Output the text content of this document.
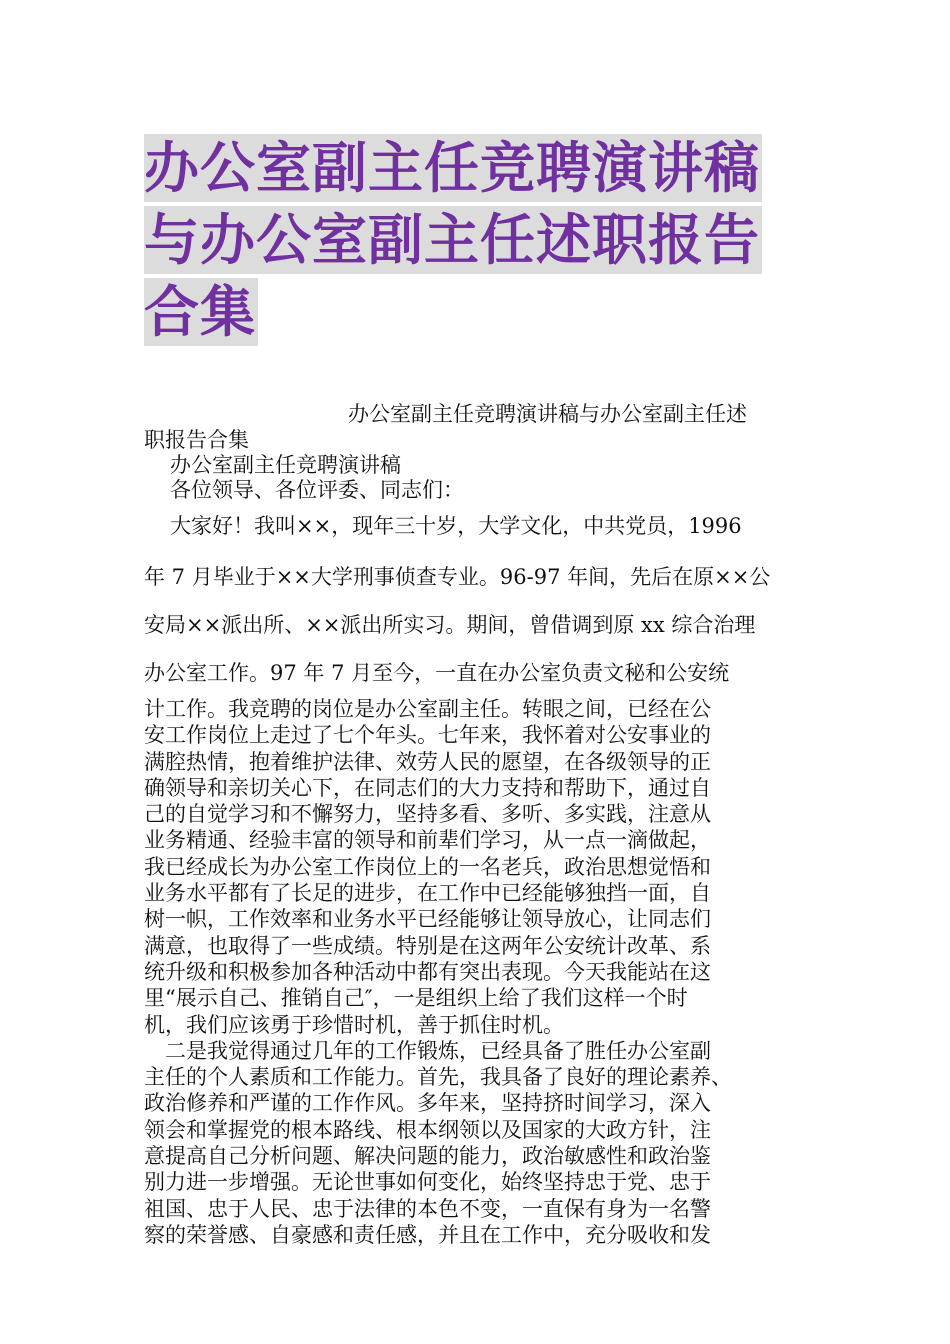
办公室副主任竞聘演讲稿
与办公室副主任述职报告
合集
办公室副主任竞聘演讲稿与办公室副主任述
职报告合集
办公室副主任竞聘演讲稿
各位领导、各位评委、同志们：
大家好！我叫××，现年三十岁，大学文化，中共党员，1996
年 7 月毕业于××大学刑事侦查专业。96-97 年间，先后在原××公
安局××派出所、××派出所实习。期间，曾借调到原 xx 综合治理
办公室工作。97 年 7 月至今，一直在办公室负责文秘和公安统
计工作。我竞聘的岗位是办公室副主任。转眼之间，已经在公
安工作岗位上走过了七个年头。七年来，我怀着对公安事业的
满腔热情，抱着维护法律、效劳人民的愿望，在各级领导的正
确领导和亲切关心下，在同志们的大力支持和帮助下，通过自
己的自觉学习和不懈努力，坚持多看、多听、多实践，注意从
业务精通、经验丰富的领导和前辈们学习，从一点一滴做起，
我已经成长为办公室工作岗位上的一名老兵，政治思想觉悟和
业务水平都有了长足的进步，在工作中已经能够独挡一面，自
树一帜，工作效率和业务水平已经能够让领导放心，让同志们
满意，也取得了一些成绩。特别是在这两年公安统计改革、系
统升级和积极参加各种活动中都有突出表现。今天我能站在这
里“展示自己、推销自己″，一是组织上给了我们这样一个时
机，我们应该勇于珍惜时机，善于抓住时机。
　二是我觉得通过几年的工作锻炼，已经具备了胜任办公室副
主任的个人素质和工作能力。首先，我具备了良好的理论素养、
政治修养和严谨的工作作风。多年来，坚持挤时间学习，深入
领会和掌握党的根本路线、根本纲领以及国家的大政方针，注
意提高自己分析问题、解决问题的能力，政治敏感性和政治鉴
别力进一步增强。无论世事如何变化，始终坚持忠于党、忠于
祖国、忠于人民、忠于法律的本色不变，一直保有身为一名警
察的荣誉感、自豪感和责任感，并且在工作中，充分吸收和发
